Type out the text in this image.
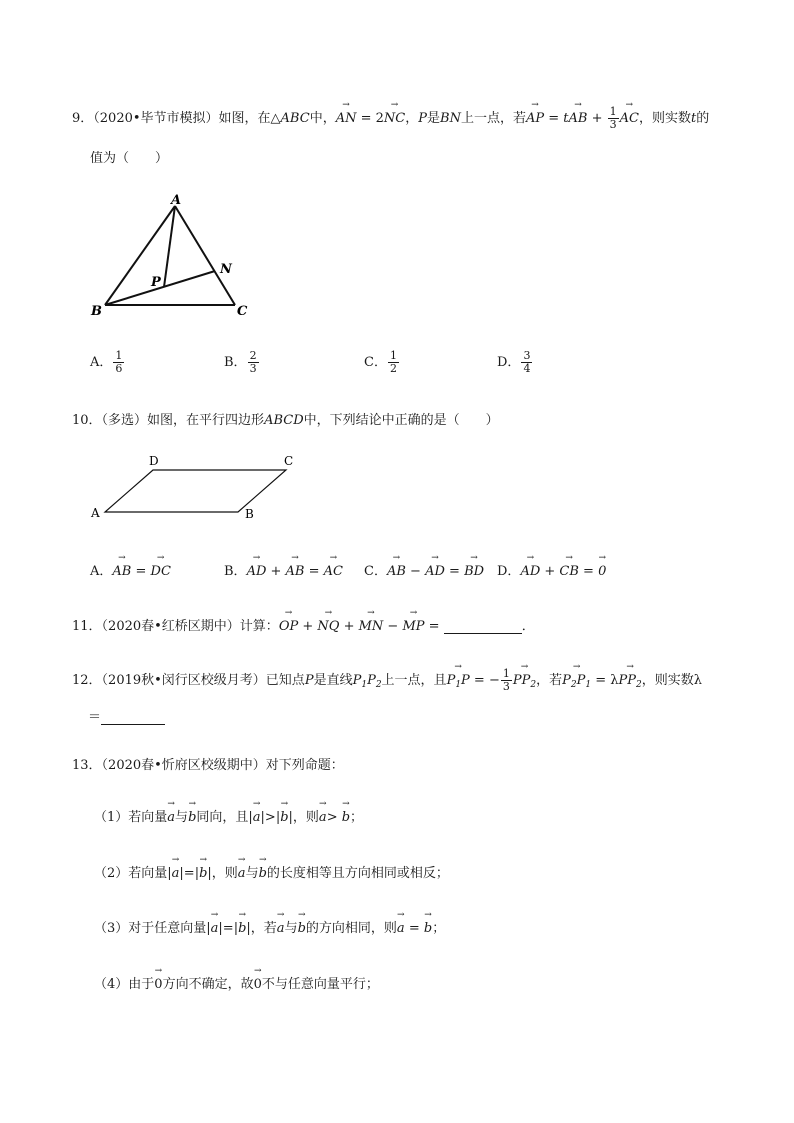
9．（2020•毕节市模拟）如图，在△ABC中，→ AN = 2→ NC，P是BN上一点，若→ AP = t→ AB + $\frac{1}{3}$
→ AC，则实数t的
值为（　　）
A
B	C
N
P
A． $\frac{1}{6}$	B． $\frac{2}{3}$	C． $\frac{1}{2}$	D． $\frac{3}{4}$
10．（多选）如图，在平行四边形ABCD中，下列结论中正确的是（　　）
A	B
C
D
A．→ AB = → DC	B．→ AD + → AB = → AC C．→ AB − → AD = → BD D．→ AD + → CB = → 0
11．（2020春•红桥区期中）计算：→ OP + → NQ + → MN − → MP =	．
12．（2019秋•闵行区校级月考）已知点P是直线$P_1P_2$上一点，且→ $P_1P$ = − $\frac{1}{3}$
→ $PP_2$，若→ $P_2P_1 = \lambda\to PP_2$，则实数λ
＝
13．（2020春•忻府区校级期中）对下列命题：
（1）若向量→ a与→ b同向，且|→ a|>|→ b|，则→ a> → b；
（2）若向量|→ a|=|→ b|，则→ a与→ b的长度相等且方向相同或相反；
（3）对于任意向量|→ a|=|→ b|，若→ a与→ b的方向相同，则→ a = → b；
（4）由于→ 0方向不确定，故→ 0不与任意向量平行；
